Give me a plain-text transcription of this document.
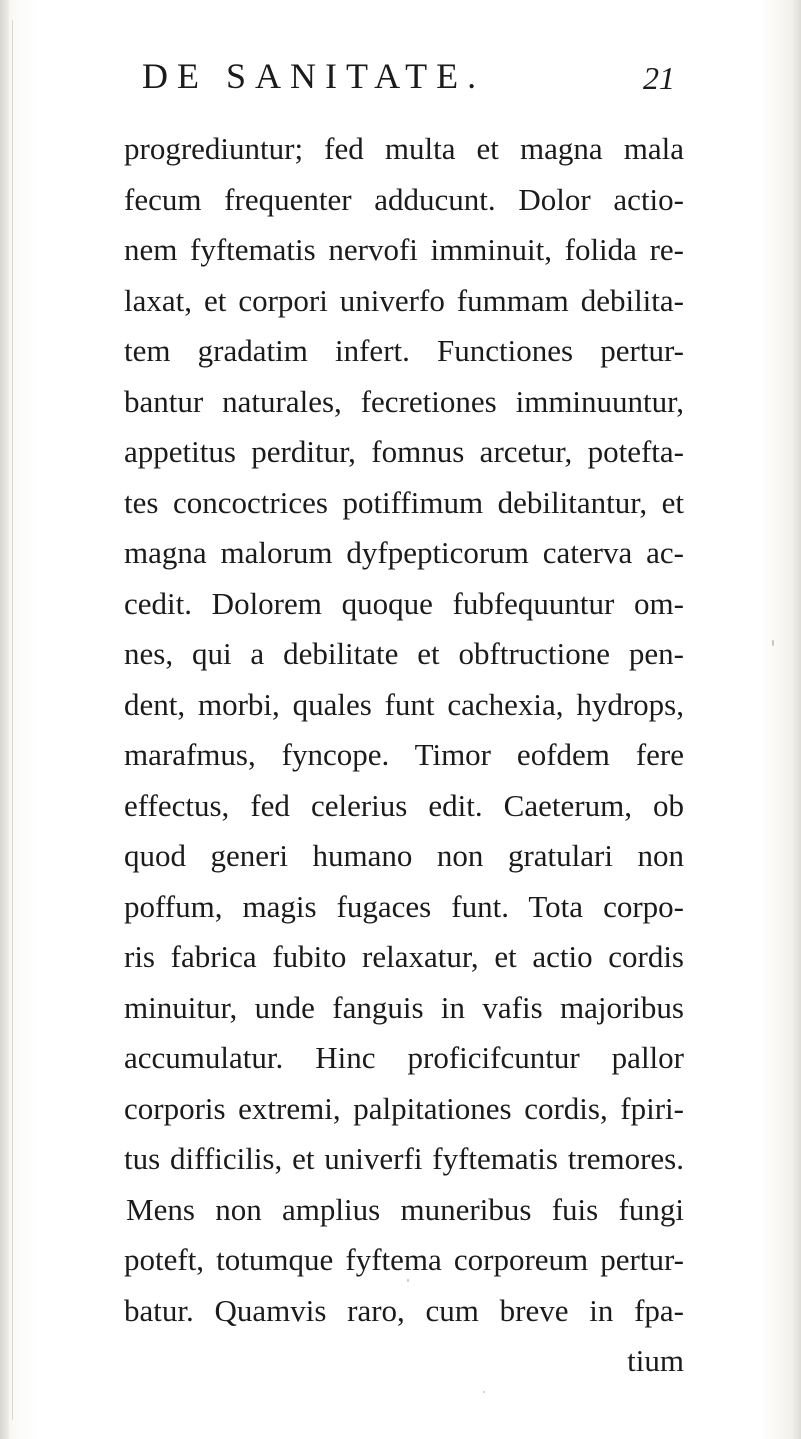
DE SANITATE.	21
progrediuntur; fed multa et magna mala
fecum frequenter adducunt. Dolor actio-
nem fyftematis nervofi imminuit, folida re-
laxat, et corpori univerfo fummam debilita-
tem gradatim infert. Functiones pertur-
bantur naturales, fecretiones imminuuntur,
appetitus perditur, fomnus arcetur, potefta-
tes concoctrices potiffimum debilitantur, et
magna malorum dyfpepticorum caterva ac-
cedit. Dolorem quoque fubfequuntur om-
nes, qui a debilitate et obftructione pen-
dent, morbi, quales funt cachexia, hydrops,
marafmus, fyncope. Timor eofdem fere
effectus, fed celerius edit. Caeterum, ob
quod generi humano non gratulari non
poffum, magis fugaces funt. Tota corpo-
ris fabrica fubito relaxatur, et actio cordis
minuitur, unde fanguis in vafis majoribus
accumulatur. Hinc proficifcuntur pallor
corporis extremi, palpitationes cordis, fpiri-
tus difficilis, et univerfi fyftematis tremores.
Mens non amplius muneribus fuis fungi
poteft, totumque fyftema corporeum pertur-
batur. Quamvis raro, cum breve in fpa-
tium
